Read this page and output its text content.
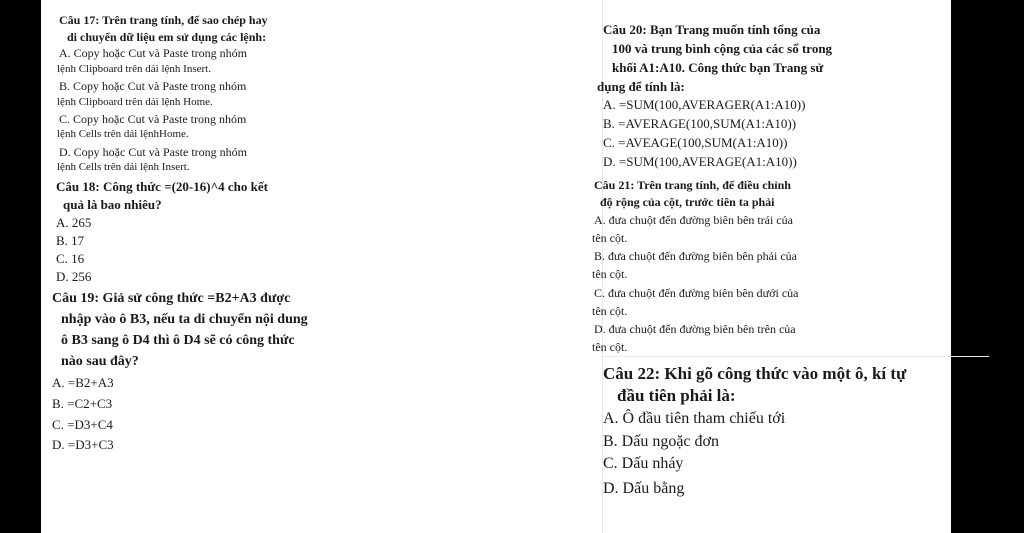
Câu 17: Trên trang tính, để sao chép hay
di chuyển dữ liệu em sử dụng các lệnh:
A. Copy hoặc Cut và Paste trong nhóm
lệnh Clipboard trên dải lệnh Insert.
B. Copy hoặc Cut và Paste trong nhóm
lệnh Clipboard trên dải lệnh Home.
C. Copy hoặc Cut và Paste trong nhóm
lệnh Cells trên dải lệnhHome.
D. Copy hoặc Cut và Paste trong nhóm
lệnh Cells trên dải lệnh Insert.
Câu 18: Công thức =(20-16)^4 cho kết
quả là bao nhiêu?
A. 265
B. 17
C. 16
D. 256
Câu 19: Giả sử công thức =B2+A3 được
nhập vào ô B3, nếu ta di chuyển nội dung
ô B3 sang ô D4 thì ô D4 sẽ có công thức
nào sau đây?
A. =B2+A3
B. =C2+C3
C. =D3+C4
D. =D3+C3
Câu 20: Bạn Trang muốn tính tổng của
100 và trung bình cộng của các số trong
khối A1:A10. Công thức bạn Trang sử
dụng để tính là:
A. =SUM(100,AVERAGER(A1:A10))
B. =AVERAGE(100,SUM(A1:A10))
C. =AVEAGE(100,SUM(A1:A10))
D. =SUM(100,AVERAGE(A1:A10))
Câu 21: Trên trang tính, để điều chỉnh
độ rộng của cột, trước tiên ta phải
A. đưa chuột đến đường biên bên trái của
tên cột.
B. đưa chuột đến đường biên bên phải của
tên cột.
C. đưa chuột đến đường biên bên dưới của
tên cột.
D. đưa chuột đến đường biên bên trên của
tên cột.
Câu 22: Khi gõ công thức vào một ô, kí tự
đầu tiên phải là:
A. Ô đầu tiên tham chiếu tới
B. Dấu ngoặc đơn
C. Dấu nháy
D. Dấu bằng
